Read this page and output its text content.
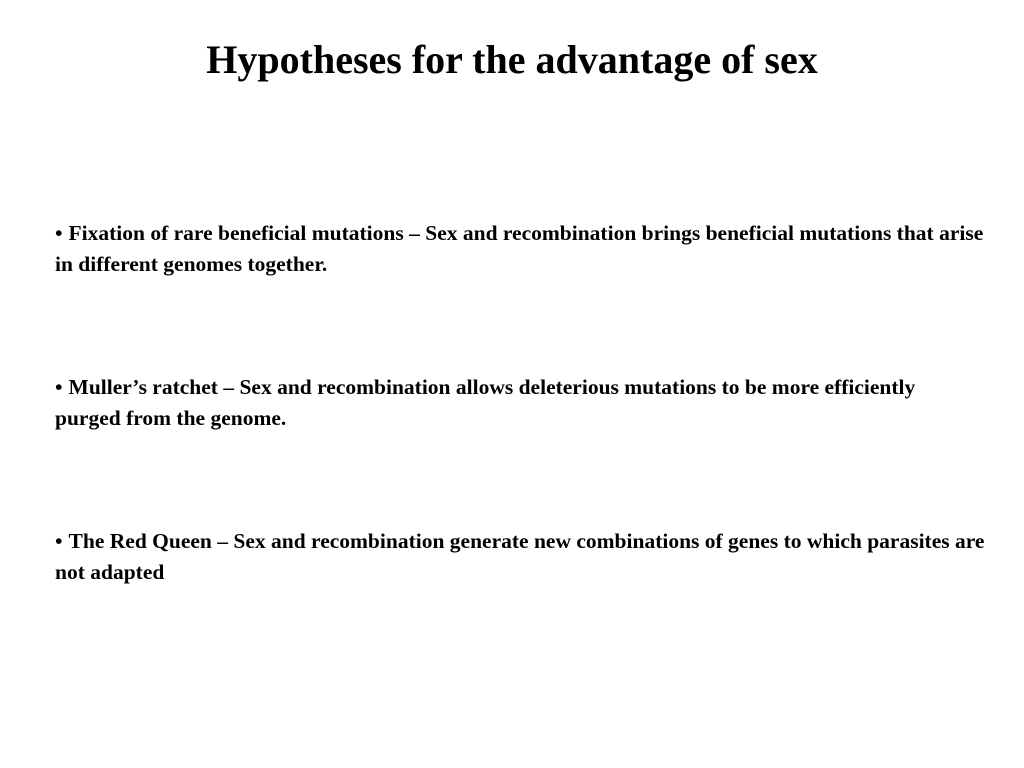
Hypotheses for the advantage of sex

• Fixation of rare beneficial mutations – Sex and recombination brings beneficial mutations that arise in different genomes together.

• Muller’s ratchet – Sex and recombination allows deleterious mutations to be more efficiently purged from the genome.

• The Red Queen – Sex and recombination generate new combinations of genes to which parasites are not adapted
